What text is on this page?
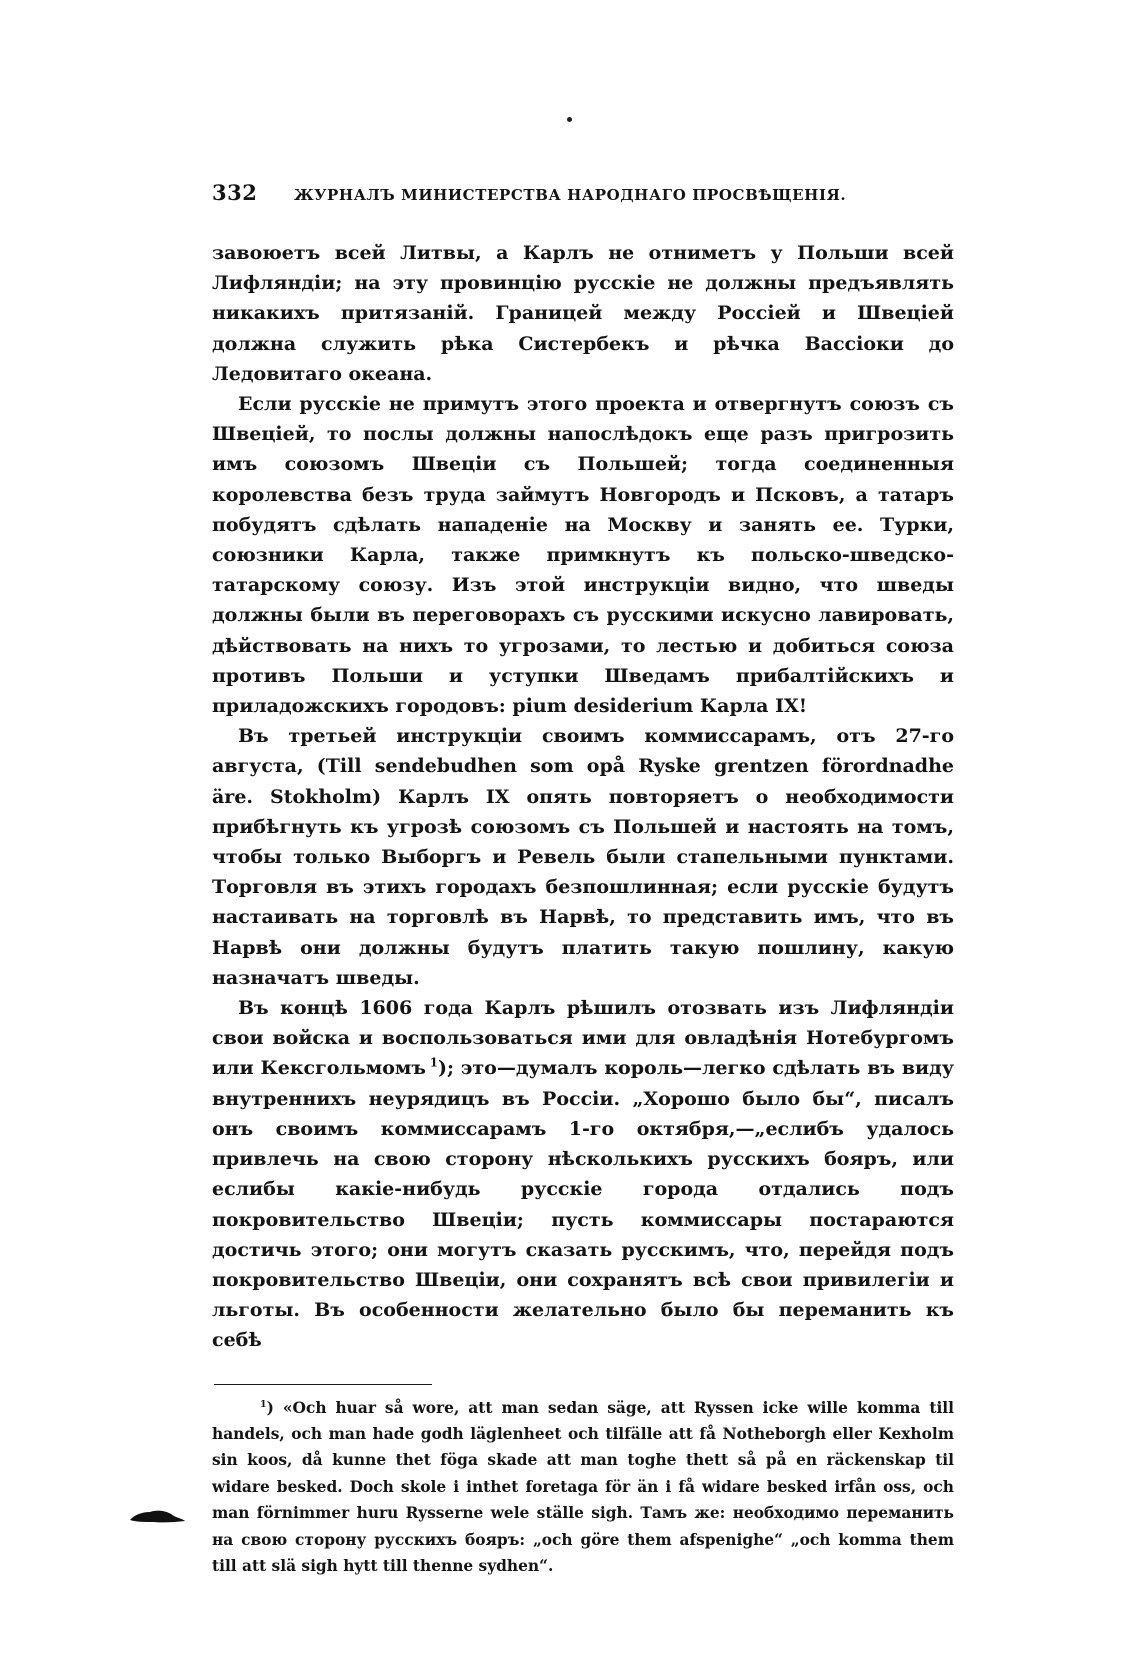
332	ЖУРНАЛЪ МИНИСТЕРСТВА НАРОДНАГО ПРОСВѢЩЕНІЯ.

завоюетъ всей Литвы, а Карлъ не отниметъ у Польши всей Лифляндіи; на эту провинцію русскіе не должны предъявлять никакихъ притязаній. Границей между Россіей и Швеціей должна служить рѣка Систербекъ и рѣчка Вассіоки до Ледовитаго океана.

Если русскіе не примутъ этого проекта и отвергнутъ союзъ съ Швеціей, то послы должны напослѣдокъ еще разъ пригрозить имъ союзомъ Швеціи съ Польшей; тогда соединенныя королевства безъ труда займутъ Новгородъ и Псковъ, а татаръ побудятъ сдѣлать нападеніе на Москву и занять ее. Турки, союзники Карла, также примкнутъ къ польско-шведско-татарскому союзу. Изъ этой инструкціи видно, что шведы должны были въ переговорахъ съ русскими искусно лавировать, дѣйствовать на нихъ то угрозами, то лестью и добиться союза противъ Польши и уступки Шведамъ прибалтійскихъ и приладожскихъ городовъ: pium desiderium Карла IX!

Въ третьей инструкціи своимъ коммиссарамъ, отъ 27-го августа, (Till sendebudhen som opå Ryske grentzen förordnadhe äre. Stokholm) Карлъ IX опять повторяетъ о необходимости прибѣгнуть къ угрозѣ союзомъ съ Польшей и настоять на томъ, чтобы только Выборгъ и Ревель были стапельными пунктами. Торговля въ этихъ городахъ безпошлинная; если русскіе будутъ настаивать на торговлѣ въ Нарвѣ, то представить имъ, что въ Нарвѣ они должны будутъ платить такую пошлину, какую назначатъ шведы.

Въ концѣ 1606 года Карлъ рѣшилъ отозвать изъ Лифляндіи свои войска и воспользоваться ими для овладѣнія Нотебургомъ или Кексгольмомъ  $^1$); это—думалъ король—легко сдѣлать въ виду внутреннихъ неурядицъ въ Россіи. „Хорошо было бы“, писалъ онъ своимъ коммиссарамъ 1-го октября,—„еслибъ удалось привлечь на свою сторону нѣсколькихъ русскихъ бояръ, или еслибы какіе-нибудь русскіе города отдались подъ покровительство Швеціи; пусть коммиссары постараются достичь этого; они могутъ сказать русскимъ, что, перейдя подъ покровительство Швеціи, они сохранятъ всѣ свои привилегіи и льготы. Въ особенности желательно было бы переманить къ себѣ

$^1$) «Och huar så wore, att man sedan säge, att Ryssen icke wille komma till handels, och man hade godh läglenheet och tilfälle att få Notheborgh eller Kexholm sin koos, då kunne thet föga skade att man toghe thett så på en räckenskap til widare besked. Doch skole i inthet foretaga för än i få widare besked irfån oss, och man förnimmer huru Rysserne wele ställe sigh. Тамъ же: необходимо переманить на свою сторону русскихъ бояръ: „och göre them afspenighe“ „och komma them till att slä sigh hytt till thenne sydhen“.
